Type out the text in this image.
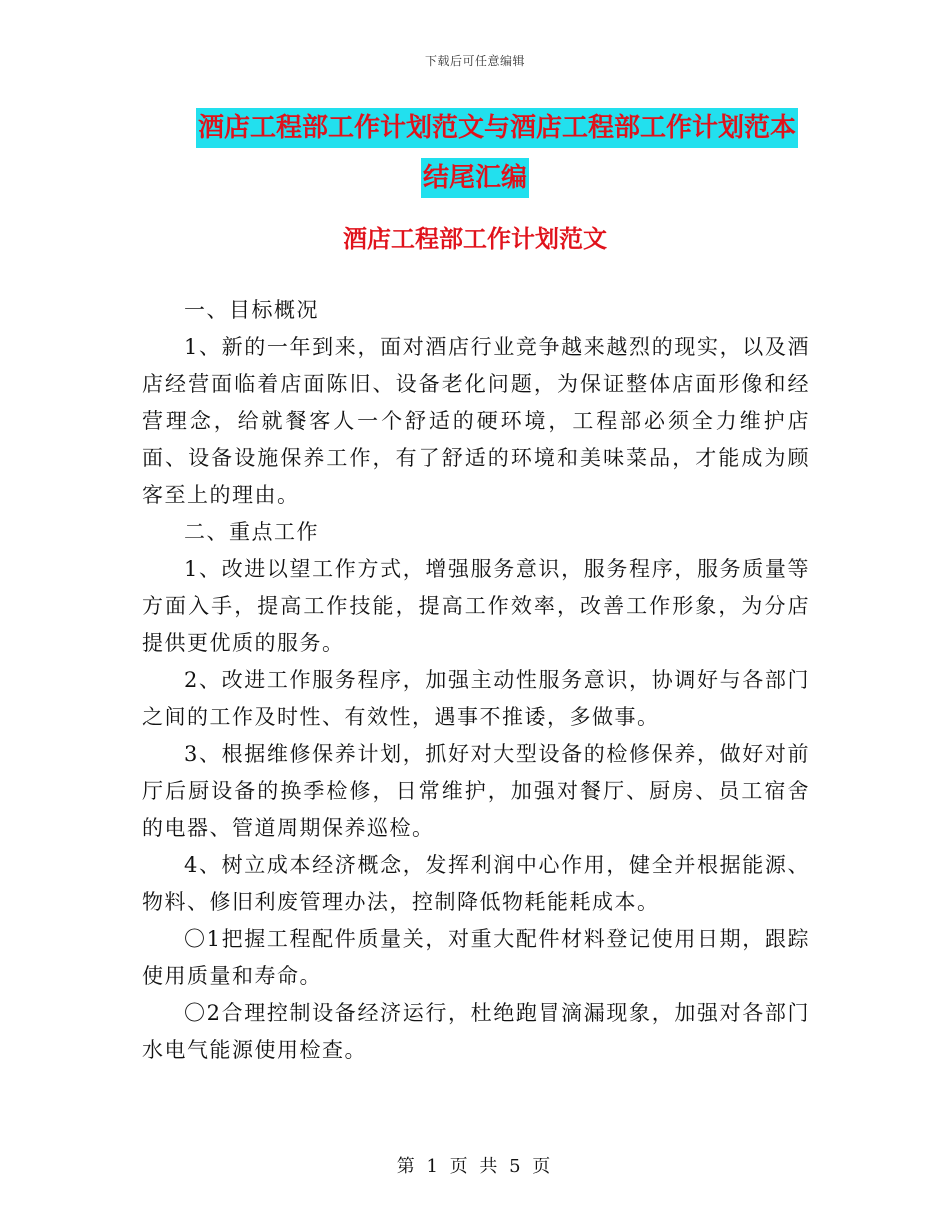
下载后可任意编辑
酒店工程部工作计划范文与酒店工程部工作计划范本
结尾汇编
酒店工程部工作计划范文

一、目标概况

1、新的一年到来，面对酒店行业竞争越来越烈的现实，以及酒店经营面临着店面陈旧、设备老化问题，为保证整体店面形像和经营理念，给就餐客人一个舒适的硬环境，工程部必须全力维护店面、设备设施保养工作，有了舒适的环境和美味菜品，才能成为顾客至上的理由。

二、重点工作

1、改进以望工作方式，增强服务意识，服务程序，服务质量等方面入手，提高工作技能，提高工作效率，改善工作形象，为分店提供更优质的服务。

2、改进工作服务程序，加强主动性服务意识，协调好与各部门之间的工作及时性、有效性，遇事不推诿，多做事。

3、根据维修保养计划，抓好对大型设备的检修保养，做好对前厅后厨设备的换季检修，日常维护，加强对餐厅、厨房、员工宿舍的电器、管道周期保养巡检。

4、树立成本经济概念，发挥利润中心作用，健全并根据能源、物料、修旧利废管理办法，控制降低物耗能耗成本。

〇1把握工程配件质量关，对重大配件材料登记使用日期，跟踪使用质量和寿命。

〇2合理控制设备经济运行，杜绝跑冒滴漏现象，加强对各部门水电气能源使用检查。

第 1 页 共 5 页
